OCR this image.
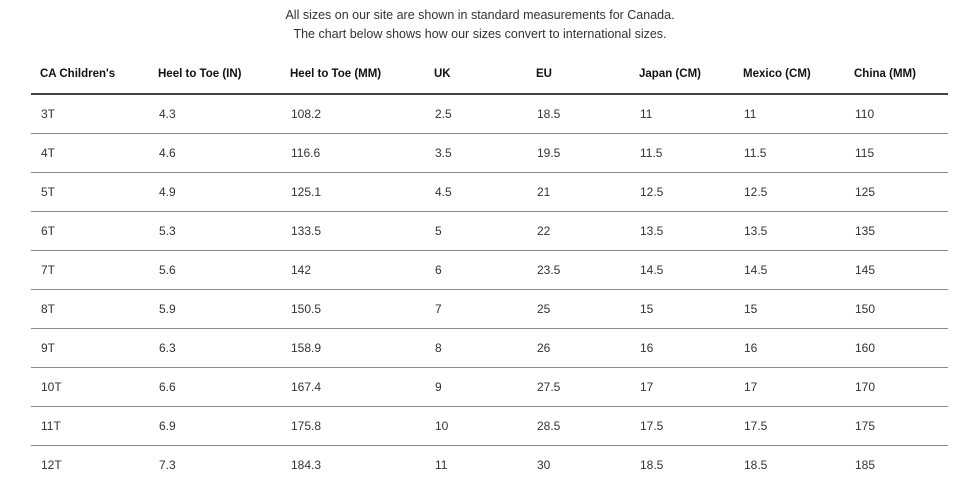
All sizes on our site are shown in standard measurements for Canada.
The chart below shows how our sizes convert to international sizes.
CA Children's	Heel to Toe (IN)	Heel to Toe (MM)	UK	EU	Japan (CM)	Mexico (CM)	China (MM)
3T	4.3	108.2	2.5	18.5	11	11	110
4T	4.6	116.6	3.5	19.5	11.5	11.5	115
5T	4.9	125.1	4.5	21	12.5	12.5	125
6T	5.3	133.5	5	22	13.5	13.5	135
7T	5.6	142	6	23.5	14.5	14.5	145
8T	5.9	150.5	7	25	15	15	150
9T	6.3	158.9	8	26	16	16	160
10T	6.6	167.4	9	27.5	17	17	170
11T	6.9	175.8	10	28.5	17.5	17.5	175
12T	7.3	184.3	11	30	18.5	18.5	185
